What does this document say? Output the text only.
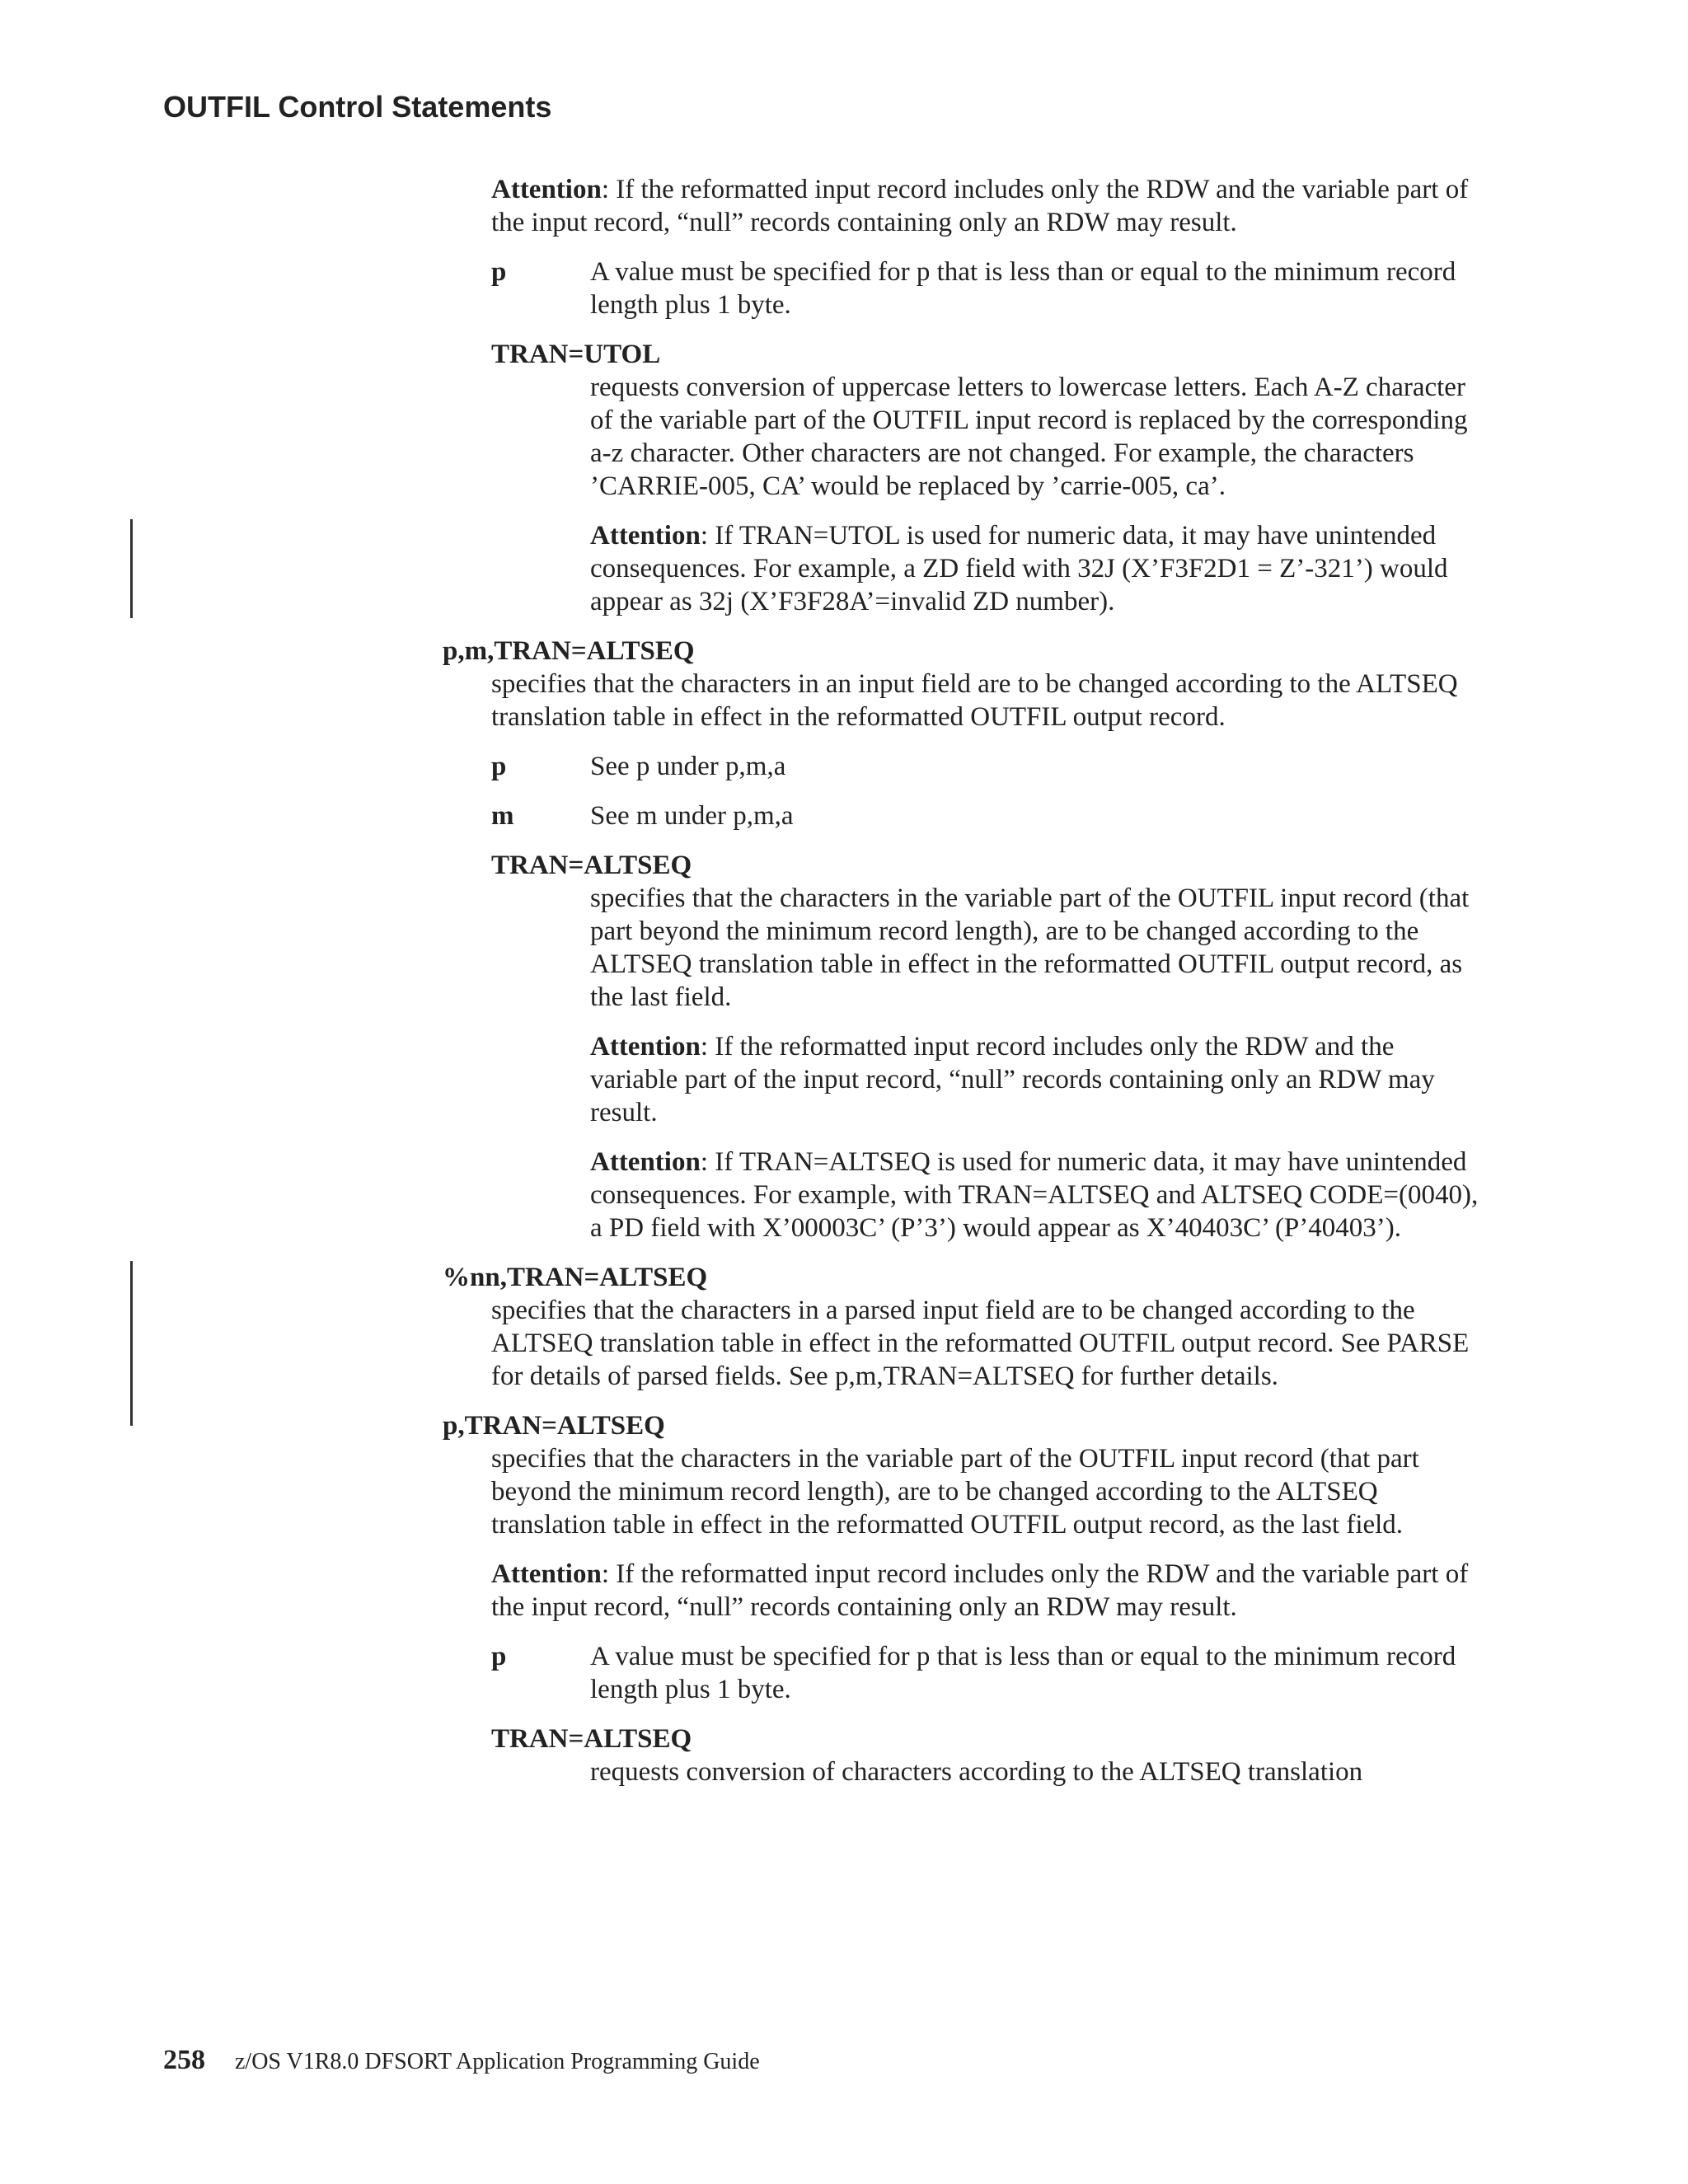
OUTFIL Control Statements
Attention: If the reformatted input record includes only the RDW and the variable part of the input record, “null” records containing only an RDW may result.
p	A value must be specified for p that is less than or equal to the minimum record length plus 1 byte.
TRAN=UTOL
requests conversion of uppercase letters to lowercase letters. Each A-Z character of the variable part of the OUTFIL input record is replaced by the corresponding a-z character. Other characters are not changed. For example, the characters ’CARRIE-005, CA’ would be replaced by ’carrie-005, ca’.
Attention: If TRAN=UTOL is used for numeric data, it may have unintended consequences. For example, a ZD field with 32J (X’F3F2D1 = Z’-321’) would appear as 32j (X’F3F28A’=invalid ZD number).
p,m,TRAN=ALTSEQ
specifies that the characters in an input field are to be changed according to the ALTSEQ translation table in effect in the reformatted OUTFIL output record.
p	See p under p,m,a
m	See m under p,m,a
TRAN=ALTSEQ
specifies that the characters in the variable part of the OUTFIL input record (that part beyond the minimum record length), are to be changed according to the ALTSEQ translation table in effect in the reformatted OUTFIL output record, as the last field.
Attention: If the reformatted input record includes only the RDW and the variable part of the input record, “null” records containing only an RDW may result.
Attention: If TRAN=ALTSEQ is used for numeric data, it may have unintended consequences. For example, with TRAN=ALTSEQ and ALTSEQ CODE=(0040), a PD field with X’00003C’ (P’3’) would appear as X’40403C’ (P’40403’).
%nn,TRAN=ALTSEQ
specifies that the characters in a parsed input field are to be changed according to the ALTSEQ translation table in effect in the reformatted OUTFIL output record. See PARSE for details of parsed fields. See p,m,TRAN=ALTSEQ for further details.
p,TRAN=ALTSEQ
specifies that the characters in the variable part of the OUTFIL input record (that part beyond the minimum record length), are to be changed according to the ALTSEQ translation table in effect in the reformatted OUTFIL output record, as the last field.
Attention: If the reformatted input record includes only the RDW and the variable part of the input record, “null” records containing only an RDW may result.
p	A value must be specified for p that is less than or equal to the minimum record length plus 1 byte.
TRAN=ALTSEQ
requests conversion of characters according to the ALTSEQ translation
258 z/OS V1R8.0 DFSORT Application Programming Guide
